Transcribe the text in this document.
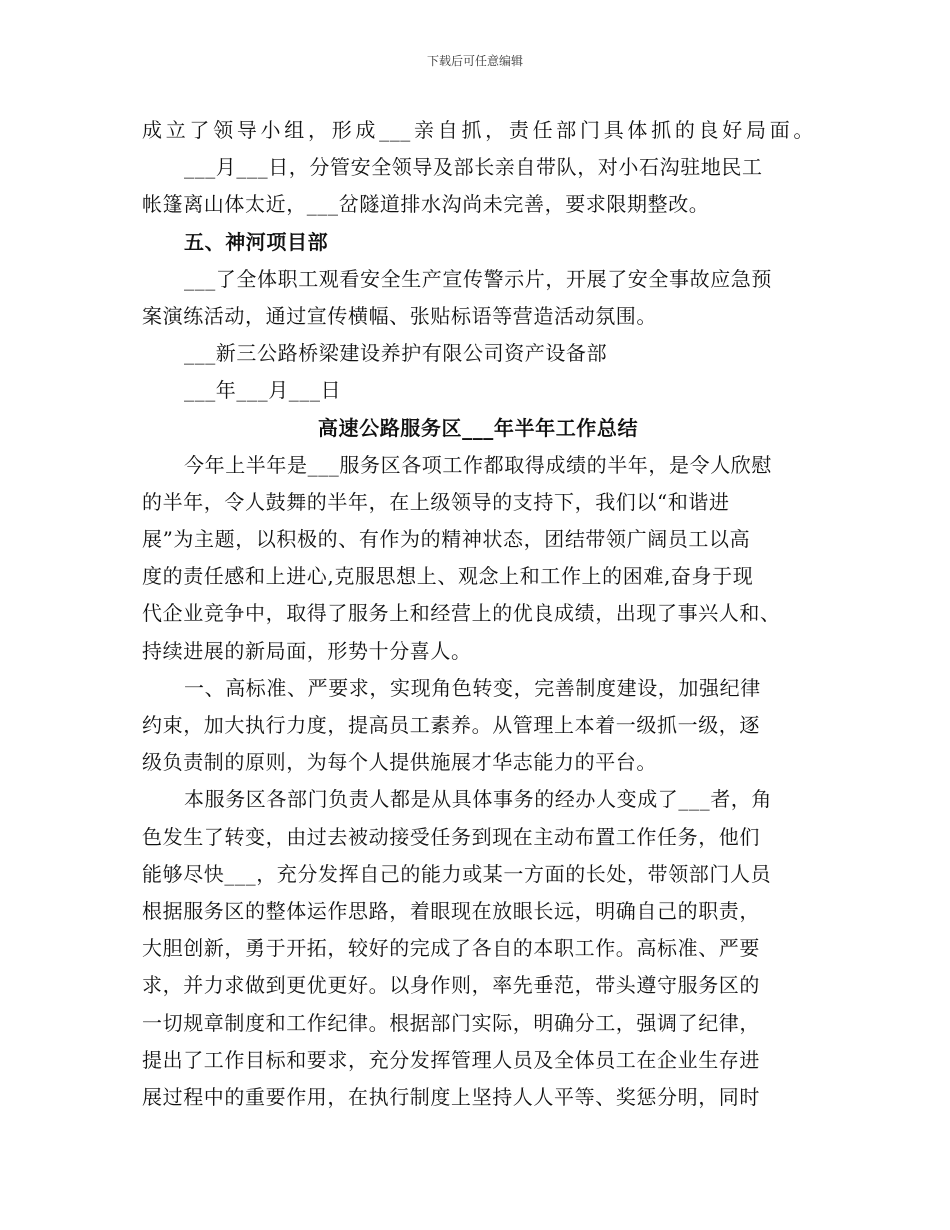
下载后可任意编辑
成立了领导小组，形成___亲自抓，责任部门具体抓的良好局面。
___月___日，分管安全领导及部长亲自带队，对小石沟驻地民工
帐篷离山体太近，___岔隧道排水沟尚未完善，要求限期整改。
五、神河项目部
___了全体职工观看安全生产宣传警示片，开展了安全事故应急预
案演练活动，通过宣传横幅、张贴标语等营造活动氛围。
___新三公路桥梁建设养护有限公司资产设备部
___年___月___日
高速公路服务区___年半年工作总结
今年上半年是___服务区各项工作都取得成绩的半年，是令人欣慰
的半年，令人鼓舞的半年，在上级领导的支持下，我们以“和谐进
展”为主题，以积极的、有作为的精神状态，团结带领广阔员工以高
度的责任感和上进心,克服思想上、观念上和工作上的困难,奋身于现
代企业竞争中，取得了服务上和经营上的优良成绩，出现了事兴人和、
持续进展的新局面，形势十分喜人。
一、高标准、严要求，实现角色转变，完善制度建设，加强纪律
约束，加大执行力度，提高员工素养。从管理上本着一级抓一级，逐
级负责制的原则，为每个人提供施展才华志能力的平台。
本服务区各部门负责人都是从具体事务的经办人变成了___者，角
色发生了转变，由过去被动接受任务到现在主动布置工作任务，他们
能够尽快___，充分发挥自己的能力或某一方面的长处，带领部门人员
根据服务区的整体运作思路，着眼现在放眼长远，明确自己的职责，
大胆创新，勇于开拓，较好的完成了各自的本职工作。高标准、严要
求，并力求做到更优更好。以身作则，率先垂范，带头遵守服务区的
一切规章制度和工作纪律。根据部门实际，明确分工，强调了纪律，
提出了工作目标和要求，充分发挥管理人员及全体员工在企业生存进
展过程中的重要作用，在执行制度上坚持人人平等、奖惩分明，同时
